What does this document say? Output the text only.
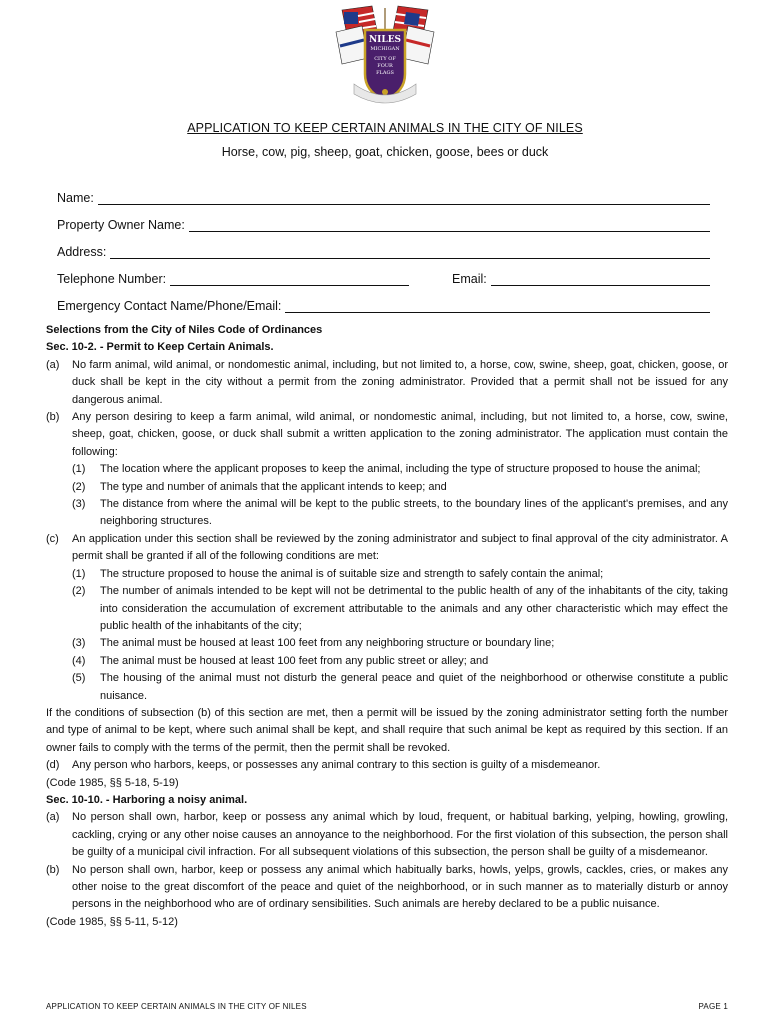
NILES
MICHIGAN
CITY OF
FOUR
FLAGS
APPLICATION TO KEEP CERTAIN ANIMALS IN THE CITY OF NILES
Horse, cow, pig, sheep, goat, chicken, goose, bees or duck
Name:
Property Owner Name:
Address:
Telephone Number:	Email:
Emergency Contact Name/Phone/Email:
Selections from the City of Niles Code of Ordinances
Sec. 10-2. - Permit to Keep Certain Animals.
(a)	No farm animal, wild animal, or nondomestic animal, including, but not limited to, a horse, cow, swine, sheep, goat, chicken, goose, or duck shall be kept in the city without a permit from the zoning administrator. Provided that a permit shall not be issued for any dangerous animal.
(b)	Any person desiring to keep a farm animal, wild animal, or nondomestic animal, including, but not limited to, a horse, cow, swine, sheep, goat, chicken, goose, or duck shall submit a written application to the zoning administrator. The application must contain the following:
(1)	The location where the applicant proposes to keep the animal, including the type of structure proposed to house the animal;
(2)	The type and number of animals that the applicant intends to keep; and
(3)	The distance from where the animal will be kept to the public streets, to the boundary lines of the applicant's premises, and any neighboring structures.
(c)	An application under this section shall be reviewed by the zoning administrator and subject to final approval of the city administrator. A permit shall be granted if all of the following conditions are met:
(1)	The structure proposed to house the animal is of suitable size and strength to safely contain the animal;
(2)	The number of animals intended to be kept will not be detrimental to the public health of any of the inhabitants of the city, taking into consideration the accumulation of excrement attributable to the animals and any other characteristic which may effect the public health of the inhabitants of the city;
(3)	The animal must be housed at least 100 feet from any neighboring structure or boundary line;
(4)	The animal must be housed at least 100 feet from any public street or alley; and
(5)	The housing of the animal must not disturb the general peace and quiet of the neighborhood or otherwise constitute a public nuisance.
If the conditions of subsection (b) of this section are met, then a permit will be issued by the zoning administrator setting forth the number and type of animal to be kept, where such animal shall be kept, and shall require that such animal be kept as required by this section. If an owner fails to comply with the terms of the permit, then the permit shall be revoked.
(d)	Any person who harbors, keeps, or possesses any animal contrary to this section is guilty of a misdemeanor.
(Code 1985, §§ 5-18, 5-19)
Sec. 10-10. - Harboring a noisy animal.
(a)	No person shall own, harbor, keep or possess any animal which by loud, frequent, or habitual barking, yelping, howling, growling, cackling, crying or any other noise causes an annoyance to the neighborhood. For the first violation of this subsection, the person shall be guilty of a municipal civil infraction. For all subsequent violations of this subsection, the person shall be guilty of a misdemeanor.
(b)	No person shall own, harbor, keep or possess any animal which habitually barks, howls, yelps, growls, cackles, cries, or makes any other noise to the great discomfort of the peace and quiet of the neighborhood, or in such manner as to materially disturb or annoy persons in the neighborhood who are of ordinary sensibilities. Such animals are hereby declared to be a public nuisance.
(Code 1985, §§ 5-11, 5-12)
APPLICATION TO KEEP CERTAIN ANIMALS IN THE CITY OF NILES	PAGE 1
